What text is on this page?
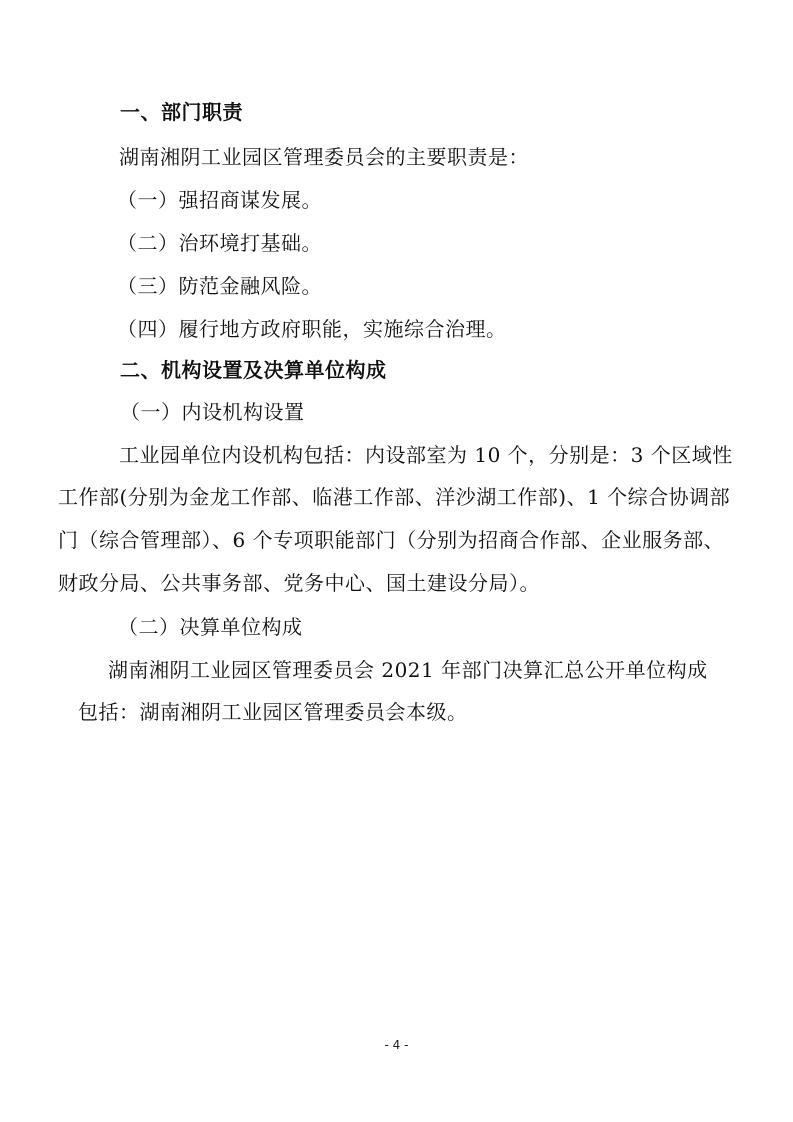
一、部门职责

湖南湘阴工业园区管理委员会的主要职责是：

（一）强招商谋发展。

（二）治环境打基础。

（三）防范金融风险。

（四）履行地方政府职能，实施综合治理。

二、机构设置及决算单位构成

（一）内设机构设置

工业园单位内设机构包括：内设部室为 10 个，分别是：3 个区域性

工作部(分别为金龙工作部、临港工作部、洋沙湖工作部)、1 个综合协调部

门（综合管理部）、6 个专项职能部门（分别为招商合作部、企业服务部、

财政分局、公共事务部、党务中心、国土建设分局）。

（二）决算单位构成

湖南湘阴工业园区管理委员会 2021 年部门决算汇总公开单位构成

包括：湖南湘阴工业园区管理委员会本级。

- 4 -
